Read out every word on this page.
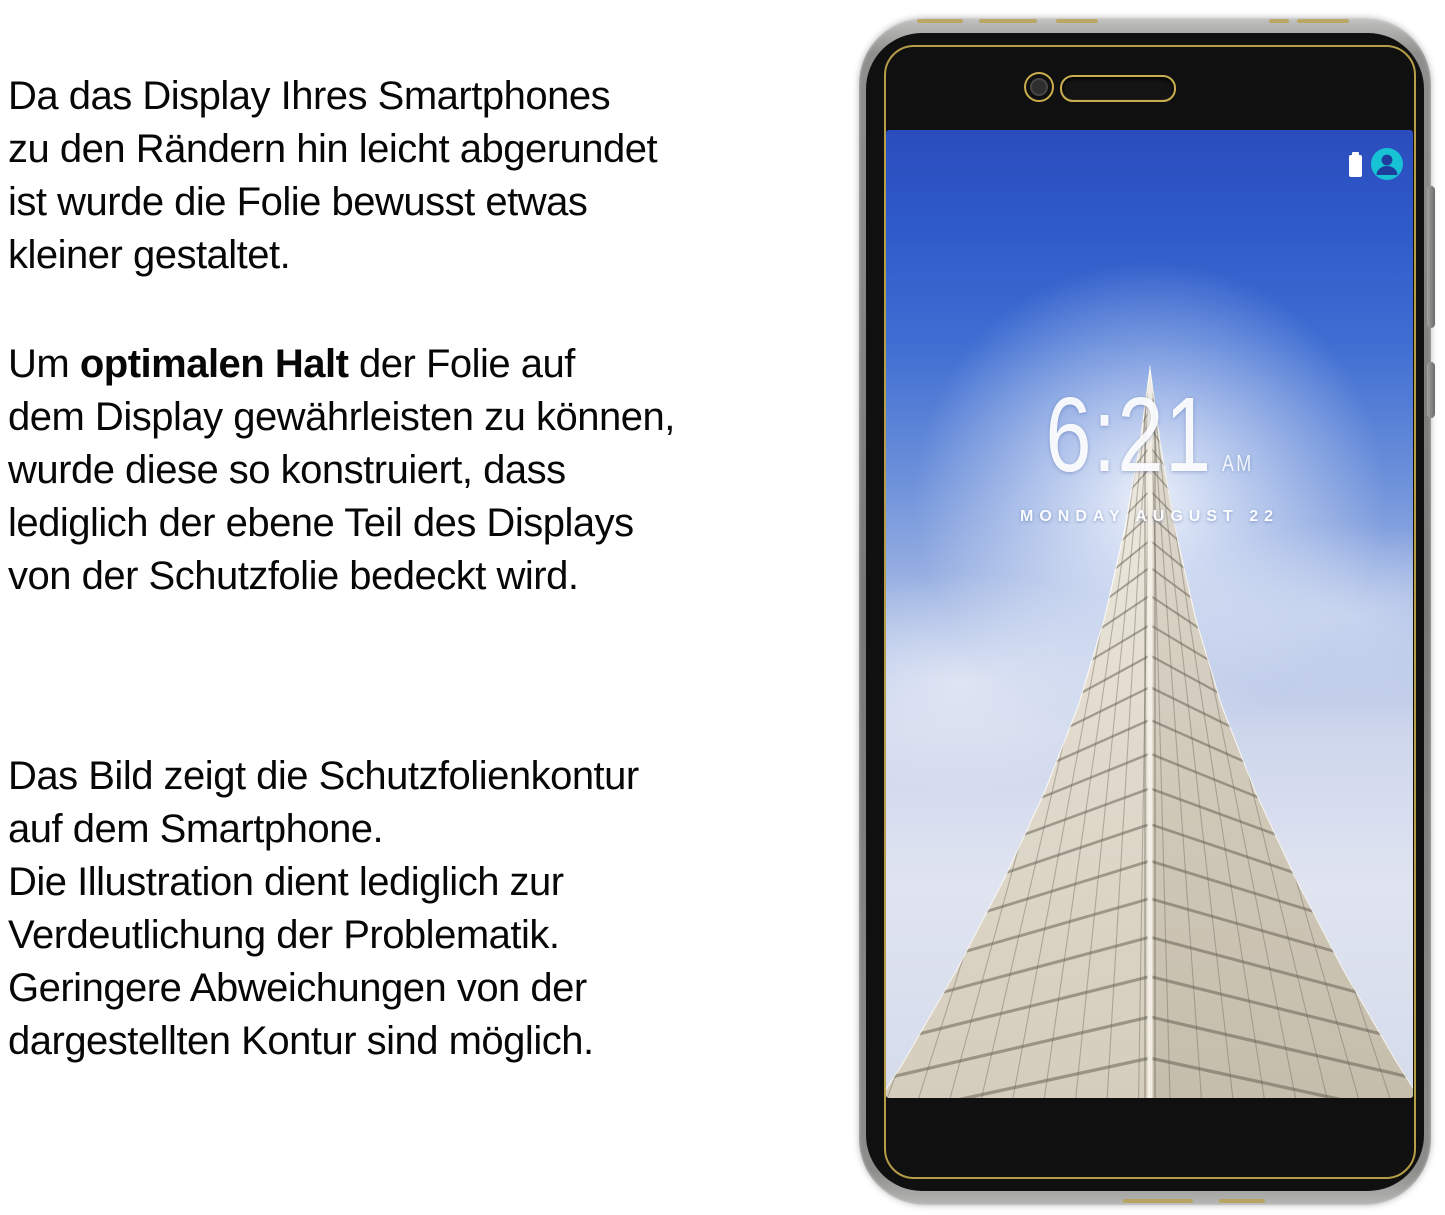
Da das Display Ihres Smartphones
zu den Rändern hin leicht abgerundet
ist wurde die Folie bewusst etwas
kleiner gestaltet.

Um optimalen Halt der Folie auf
dem Display gewährleisten zu können,
wurde diese so konstruiert, dass
lediglich der ebene Teil des Displays
von der Schutzfolie bedeckt wird.

Das Bild zeigt die Schutzfolienkontur
auf dem Smartphone.
Die Illustration dient lediglich zur
Verdeutlichung der Problematik.
Geringere Abweichungen von der
dargestellten Kontur sind möglich.

6:21 AM
MONDAY AUGUST 22
